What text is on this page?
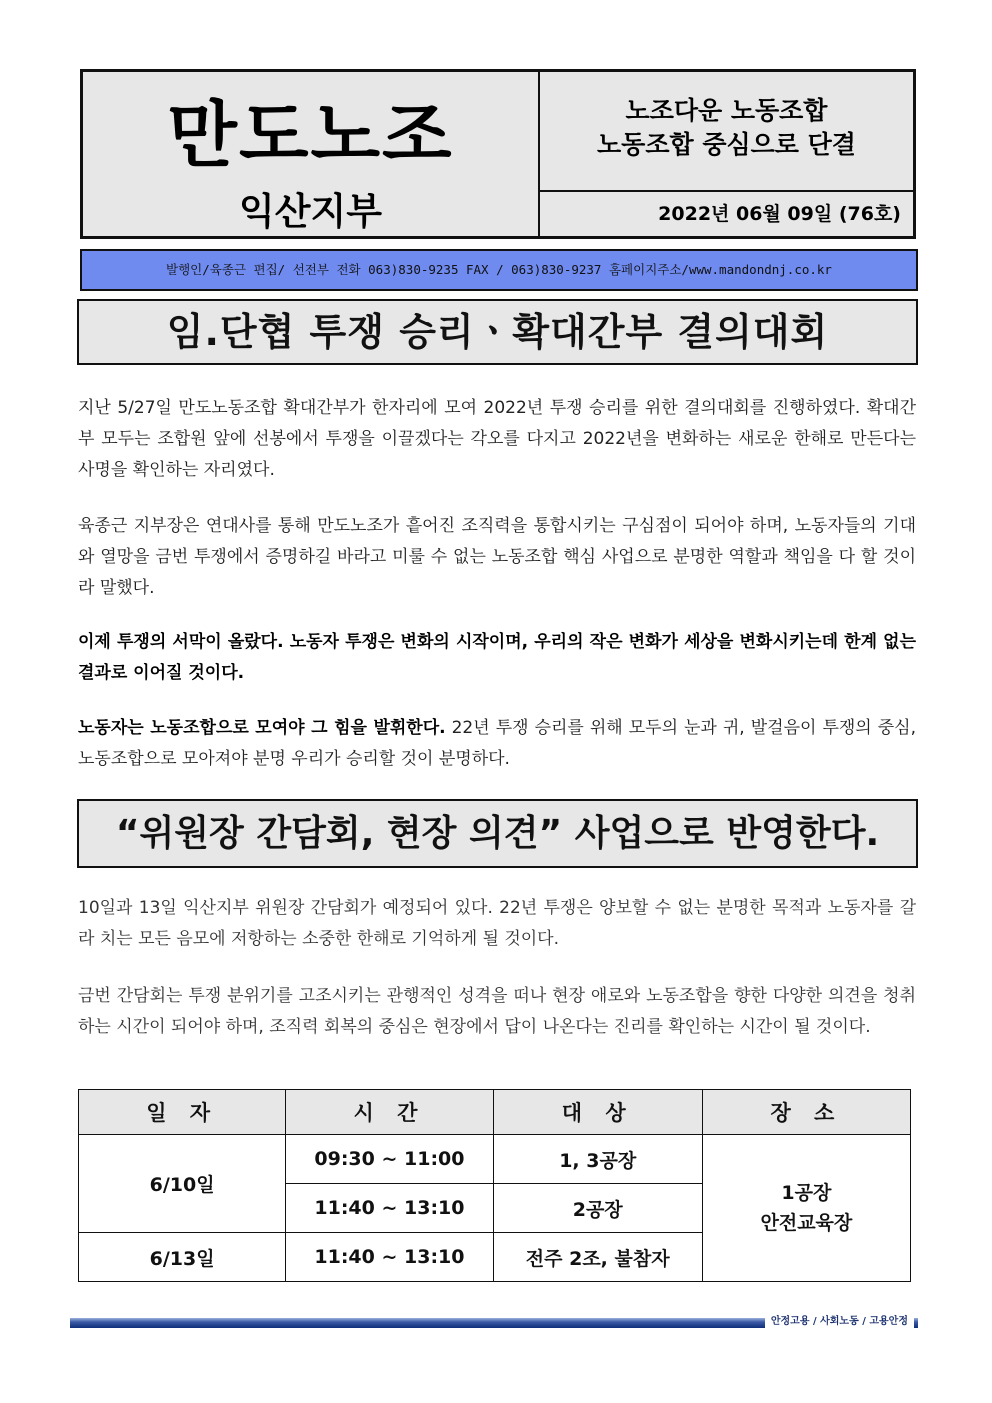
만도노조
익산지부
노조다운 노동조합
노동조합 중심으로 단결
2022년 06월 09일 (76호)
발행인/육종근 편집/ 선전부 전화 063)830-9235 FAX / 063)830-9237 홈페이지주소/www.mandondnj.co.kr
임.단협 투쟁 승리ㆍ확대간부 결의대회

지난 5/27일 만도노동조합 확대간부가 한자리에 모여 2022년 투쟁 승리를 위한 결의대회를 진행하였다. 확대간부 모두는 조합원 앞에 선봉에서 투쟁을 이끌겠다는 각오를 다지고 2022년을 변화하는 새로운 한해로 만든다는 사명을 확인하는 자리였다.

육종근 지부장은 연대사를 통해 만도노조가 흩어진 조직력을 통합시키는 구심점이 되어야 하며, 노동자들의 기대와 열망을 금번 투쟁에서 증명하길 바라고 미룰 수 없는 노동조합 핵심 사업으로 분명한 역할과 책임을 다 할 것이라 말했다.

이제 투쟁의 서막이 올랐다. 노동자 투쟁은 변화의 시작이며, 우리의 작은 변화가 세상을 변화시키는데 한계 없는 결과로 이어질 것이다.

노동자는 노동조합으로 모여야 그 힘을 발휘한다. 22년 투쟁 승리를 위해 모두의 눈과 귀, 발걸음이 투쟁의 중심, 노동조합으로 모아져야 분명 우리가 승리할 것이 분명하다.

“위원장 간담회, 현장 의견” 사업으로 반영한다.

10일과 13일 익산지부 위원장 간담회가 예정되어 있다. 22년 투쟁은 양보할 수 없는 분명한 목적과 노동자를 갈라 치는 모든 음모에 저항하는 소중한 한해로 기억하게 될 것이다.

금번 간담회는 투쟁 분위기를 고조시키는 관행적인 성격을 떠나 현장 애로와 노동조합을 향한 다양한 의견을 청취하는 시간이 되어야 하며, 조직력 회복의 중심은 현장에서 답이 나온다는 진리를 확인하는 시간이 될 것이다.

일 자	시 간	대 상	장 소
6/10일	09:30 ~ 11:00	1, 3공장	1공장
안전교육장

	11:40 ~ 13:10	2공장	
6/13일	11:40 ~ 13:10	전주 2조, 불참자	
안정고용 / 사회노동 / 고용안정
